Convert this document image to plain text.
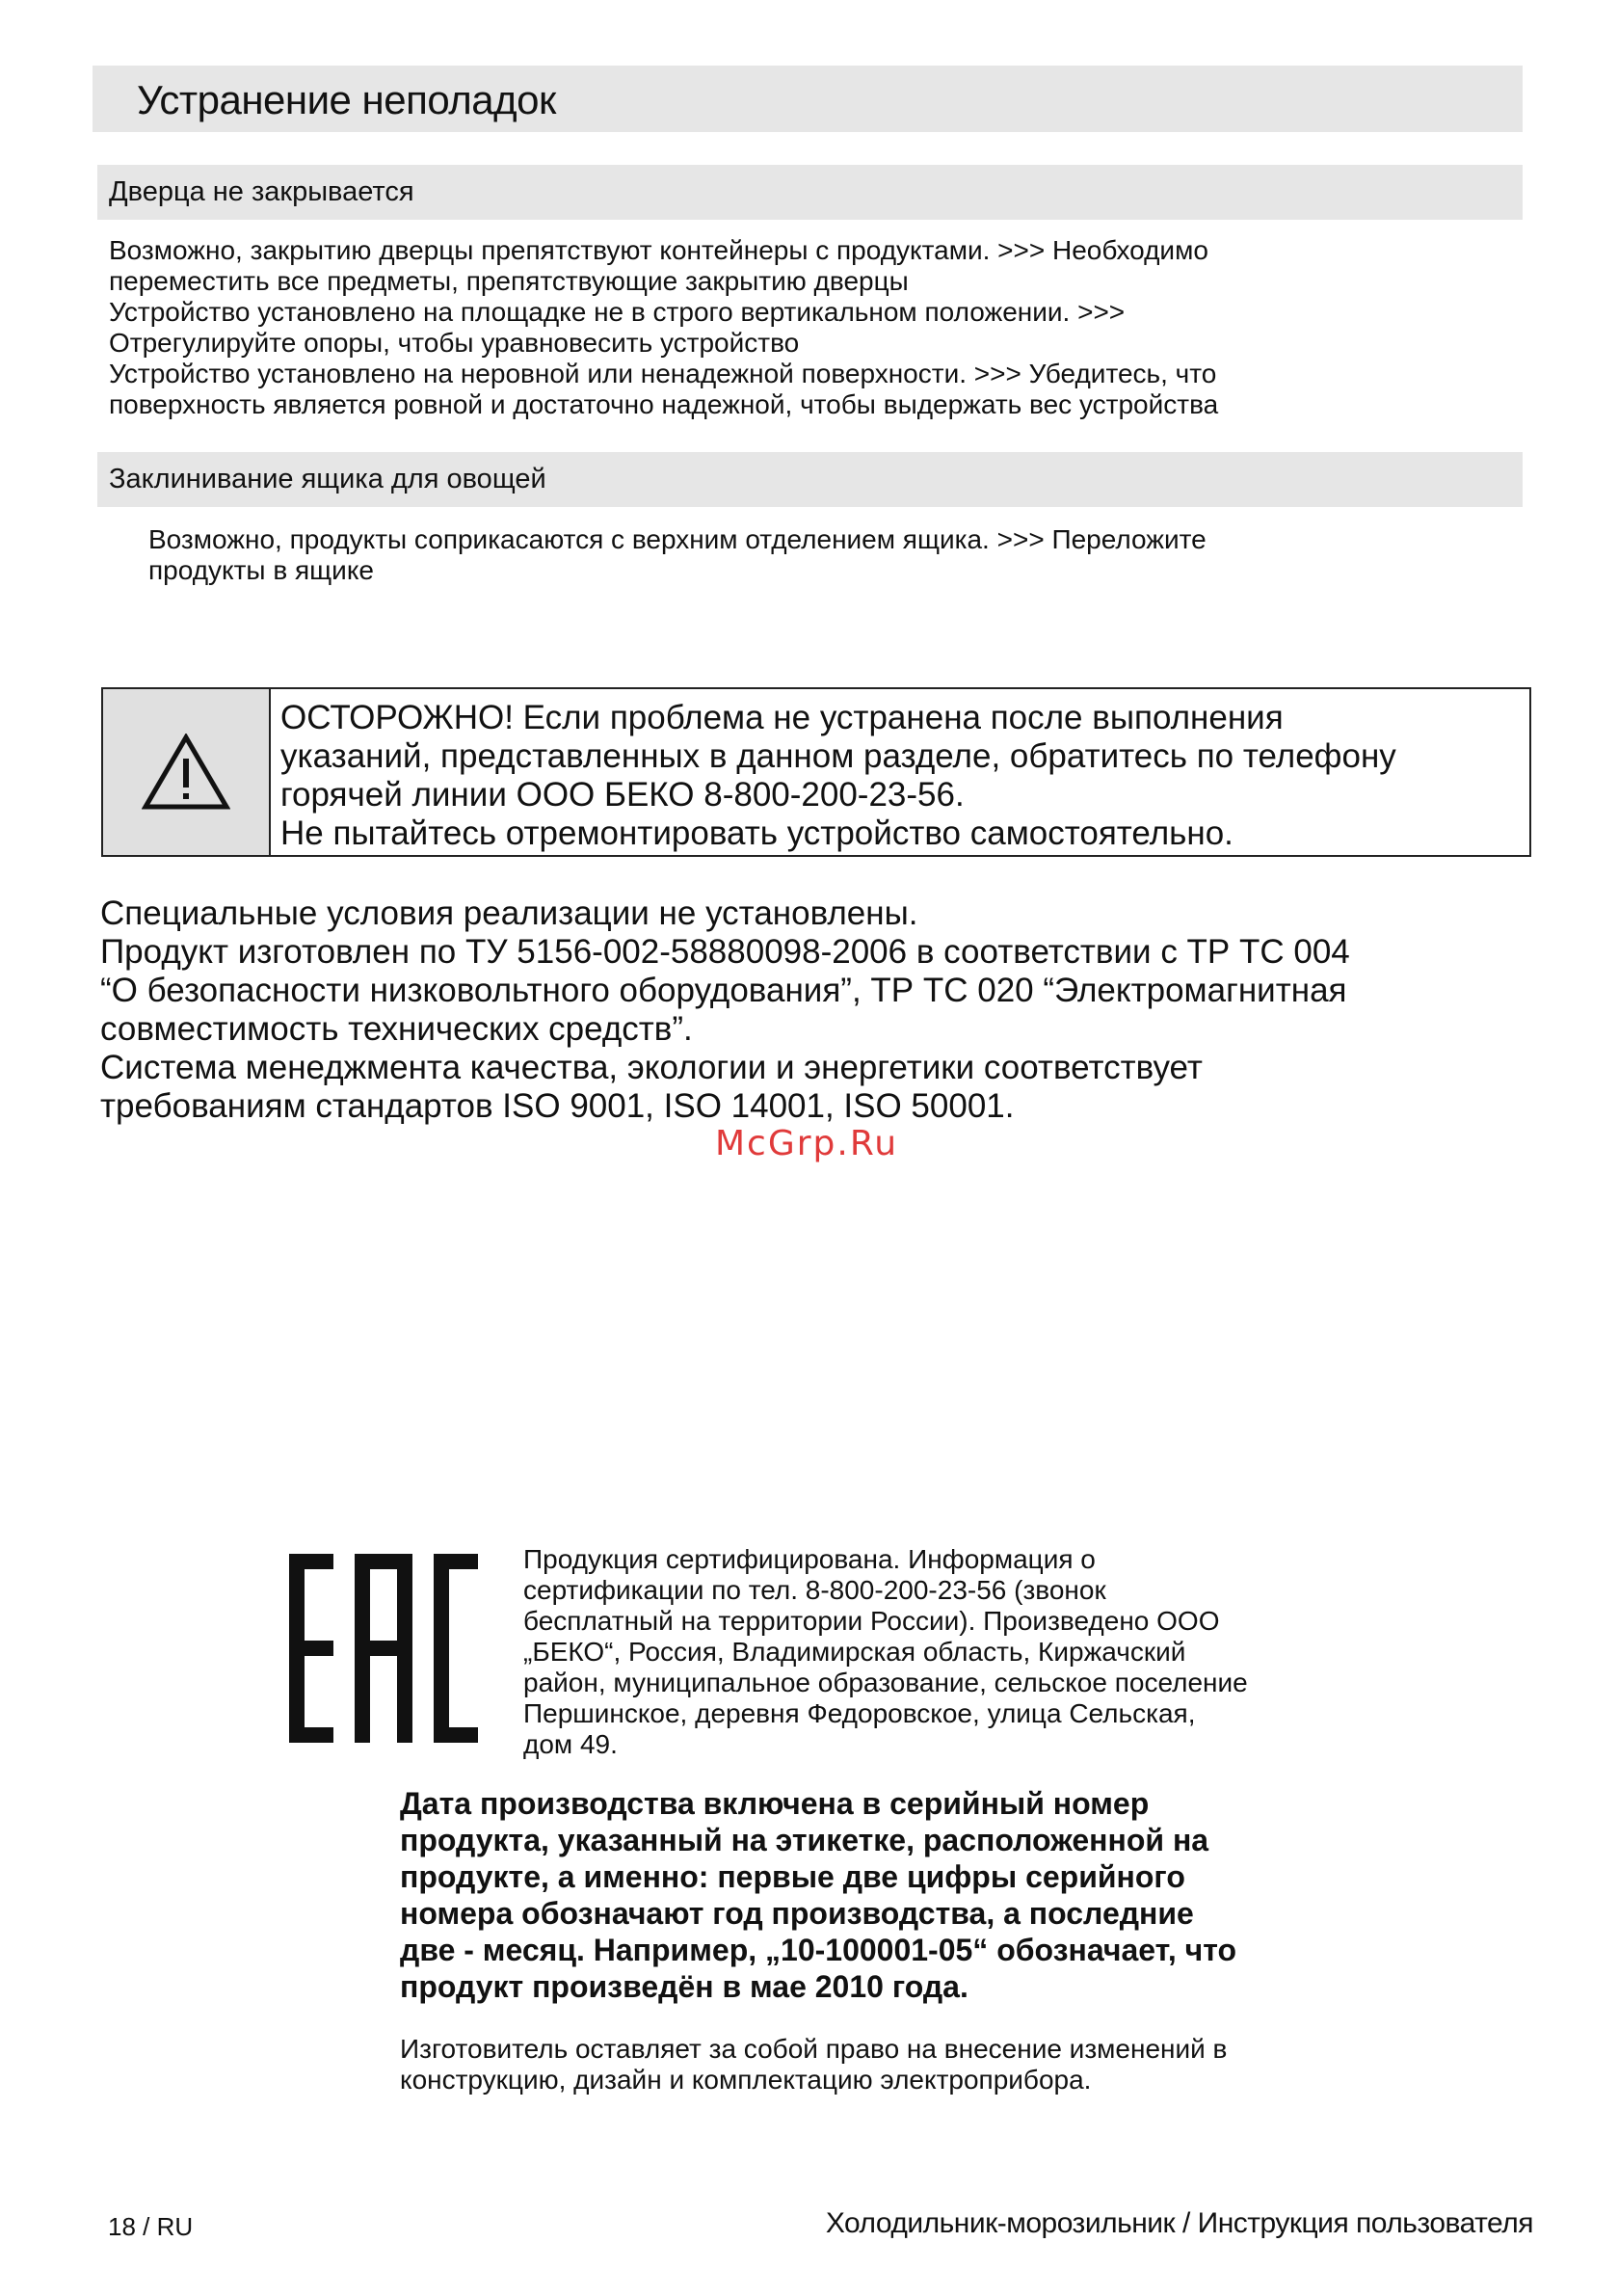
Устранение неполадок
Дверца не закрывается

Возможно, закрытию дверцы препятствуют контейнеры с продуктами. >>> Необходимо
переместить все предметы, препятствующие закрытию дверцы
Устройство установлено на площадке не в строго вертикальном положении. >>>
Отрегулируйте опоры, чтобы уравновесить устройство
Устройство установлено на неровной или ненадежной поверхности. >>> Убедитесь, что
поверхность является ровной и достаточно надежной, чтобы выдержать вес устройства

Заклинивание ящика для овощей

Возможно, продукты соприкасаются с верхним отделением ящика. >>> Переложите
продукты в ящике

ОСТОРОЖНО! Если проблема не устранена после выполнения
указаний, представленных в данном разделе, обратитесь по телефону
горячей линии ООО БЕКО 8-800-200-23-56.
Не пытайтесь отремонтировать устройство самостоятельно.

Специальные условия реализации не установлены.
Продукт изготовлен по ТУ 5156-002-58880098-2006 в соответствии с ТР ТС 004
“О безопасности низковольтного оборудования”, ТР ТС 020 “Электромагнитная
совместимость технических средств”.
Система менеджмента качества, экологии и энергетики соответствует
требованиям стандартов ISO 9001, ISO 14001, ISO 50001.

McGrp.Ru

Продукция сертифицирована. Информация о
сертификации по тел. 8-800-200-23-56 (звонок
бесплатный на территории России). Произведено ООО
„БЕКО“, Россия, Владимирская область, Киржачский
район, муниципальное образование, сельское поселение
Першинское, деревня Федоровское, улица Сельская,
дом 49.

Дата производства включена в серийный номер
продукта, указанный на этикетке, расположенной на
продукте, а именно: первые две цифры серийного
номера обозначают год производства, а последние
две - месяц. Например, „10-100001-05“ обозначает, что
продукт произведён в мае 2010 года.

Изготовитель оставляет за собой право на внесение изменений в
конструкцию, дизайн и комплектацию электроприбора.

18 / RU	Холодильник-морозильник / Инструкция пользователя
